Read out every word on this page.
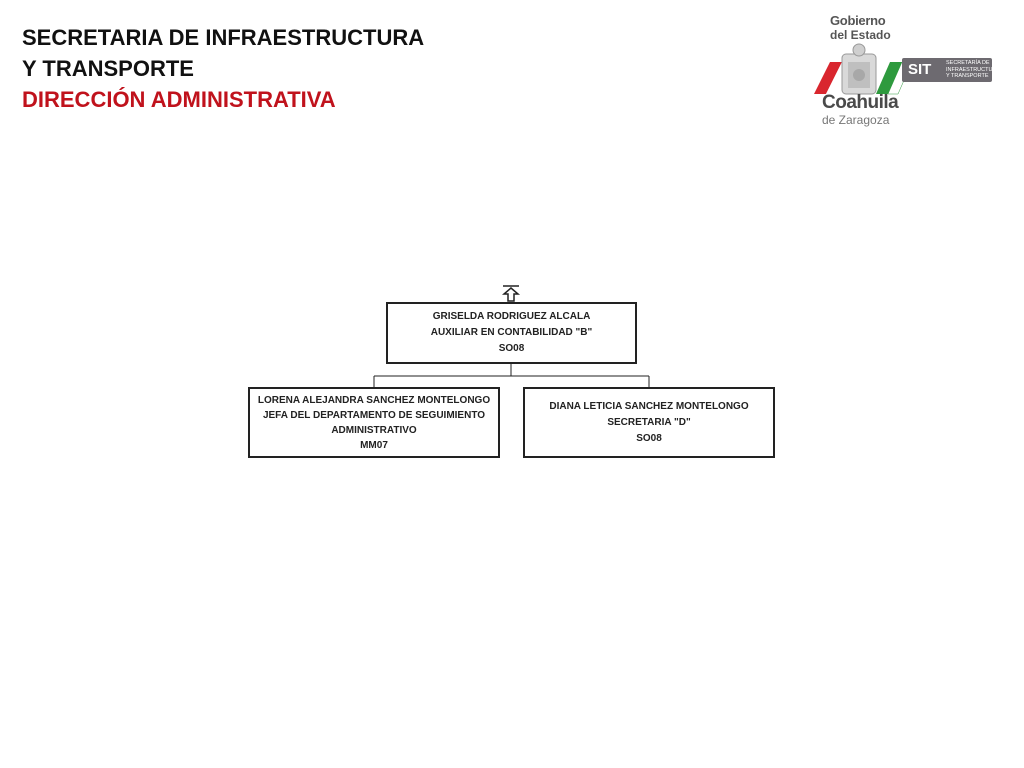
SECRETARIA DE INFRAESTRUCTURA
Y TRANSPORTE
DIRECCIÓN ADMINISTRATIVA
Gobierno
del Estado
SIT	SECRETARÍA DE INFRAESTRUCTURA Y TRANSPORTE
Coahuila
de Zaragoza
GRISELDA RODRIGUEZ ALCALA
AUXILIAR EN CONTABILIDAD "B"
SO08
LORENA ALEJANDRA SANCHEZ MONTELONGO
JEFA DEL DEPARTAMENTO DE SEGUIMIENTO
ADMINISTRATIVO
MM07
DIANA LETICIA SANCHEZ MONTELONGO
SECRETARIA "D"
SO08
